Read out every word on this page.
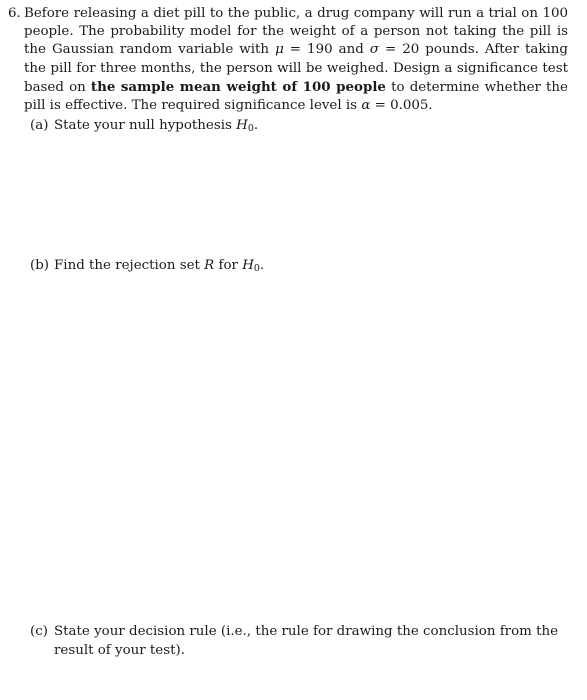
6. Before releasing a diet pill to the public, a drug company will run a trial on 100 people. The probability model for the weight of a person not taking the pill is the Gaussian random variable with μ = 190 and σ = 20 pounds. After taking the pill for three months, the person will be weighed. Design a significance test based on the sample mean weight of 100 people to determine whether the pill is effective. The required significance level is α = 0.005.
(a) State your null hypothesis $H_0$.
(b) Find the rejection set R for $H_0$.
(c) State your decision rule (i.e., the rule for drawing the conclusion from the result of your test).
